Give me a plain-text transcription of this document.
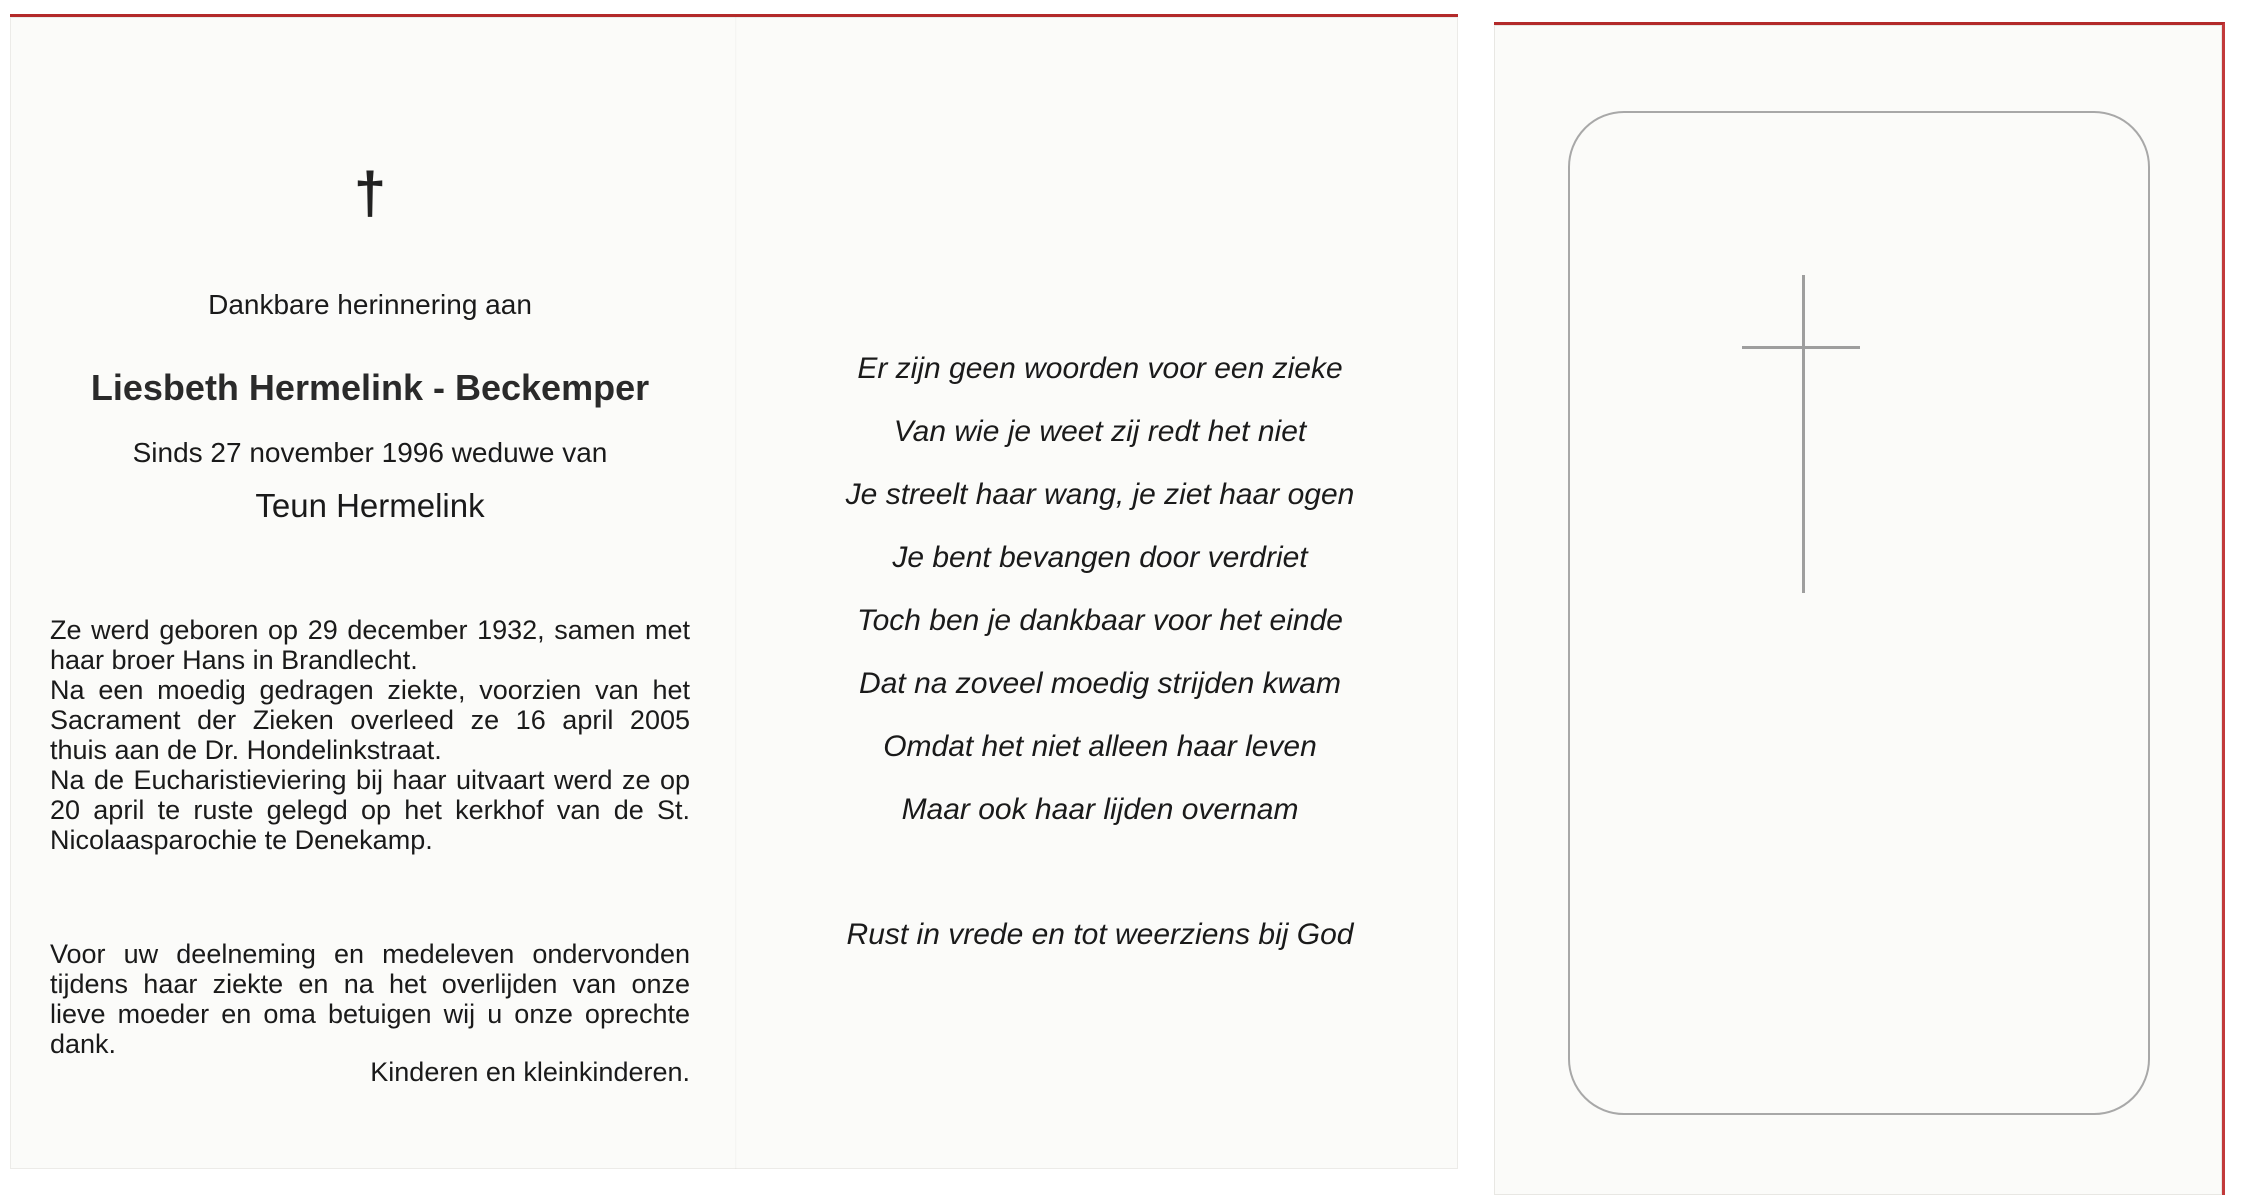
†
Dankbare herinnering aan
Liesbeth Hermelink - Beckemper
Sinds 27 november 1996 weduwe van
Teun Hermelink

Ze werd geboren op 29 december 1932, samen met haar broer Hans in Brandlecht.

Na een moedig gedragen ziekte, voorzien van het Sacrament der Zieken overleed ze 16 april 2005 thuis aan de Dr. Hondelinkstraat.

Na de Eucharistieviering bij haar uitvaart werd ze op 20 april te ruste gelegd op het kerkhof van de St. Nicolaasparochie te Denekamp.

Voor uw deelneming en medeleven ondervonden tijdens haar ziekte en na het overlijden van onze lieve moeder en oma betuigen wij u onze oprechte dank.

Kinderen en kleinkinderen.
Er zijn geen woorden voor een zieke
Van wie je weet zij redt het niet
Je streelt haar wang, je ziet haar ogen
Je bent bevangen door verdriet
Toch ben je dankbaar voor het einde
Dat na zoveel moedig strijden kwam
Omdat het niet alleen haar leven
Maar ook haar lijden overnam
Rust in vrede en tot weerziens bij God
